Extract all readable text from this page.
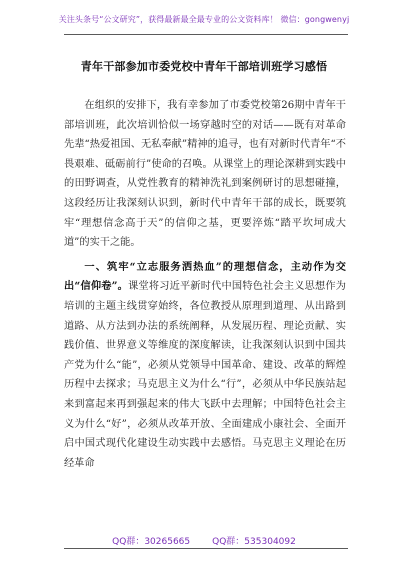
关注头条号“公文研究”，获得最新最全最专业的公文资料库！ 微信：gongwenyj
青年干部参加市委党校中青年干部培训班学习感悟

在组织的安排下，我有幸参加了市委党校第26期中青年干部培训班，此次培训恰似一场穿越时空的对话——既有对革命先辈“热爱祖国、无私奉献”精神的追寻，也有对新时代青年“不畏艰难、砥砺前行”使命的召唤。从课堂上的理论深耕到实践中的田野调查，从党性教育的精神洗礼到案例研讨的思想碰撞，这段经历让我深刻认识到，新时代中青年干部的成长，既要筑牢“理想信念高于天”的信仰之基，更要淬炼“踏平坎坷成大道”的实干之能。

一、筑牢“立志服务洒热血”的理想信念，主动作为交出“信仰卷”。课堂将习近平新时代中国特色社会主义思想作为培训的主题主线贯穿始终，各位教授从原理到道理、从出路到道路、从方法到办法的系统阐释，从发展历程、理论贡献、实践价值、世界意义等维度的深度解读，让我深刻认识到中国共产党为什么“能”，必须从党领导中国革命、建设、改革的辉煌历程中去探求；马克思主义为什么“行”，必须从中华民族站起来到富起来再到强起来的伟大飞跃中去理解；中国特色社会主义为什么“好”，必须从改革开放、全面建成小康社会、全面开启中国式现代化建设生动实践中去感悟。马克思主义理论在历经革命

QQ群：30265665 QQ群：535304092
